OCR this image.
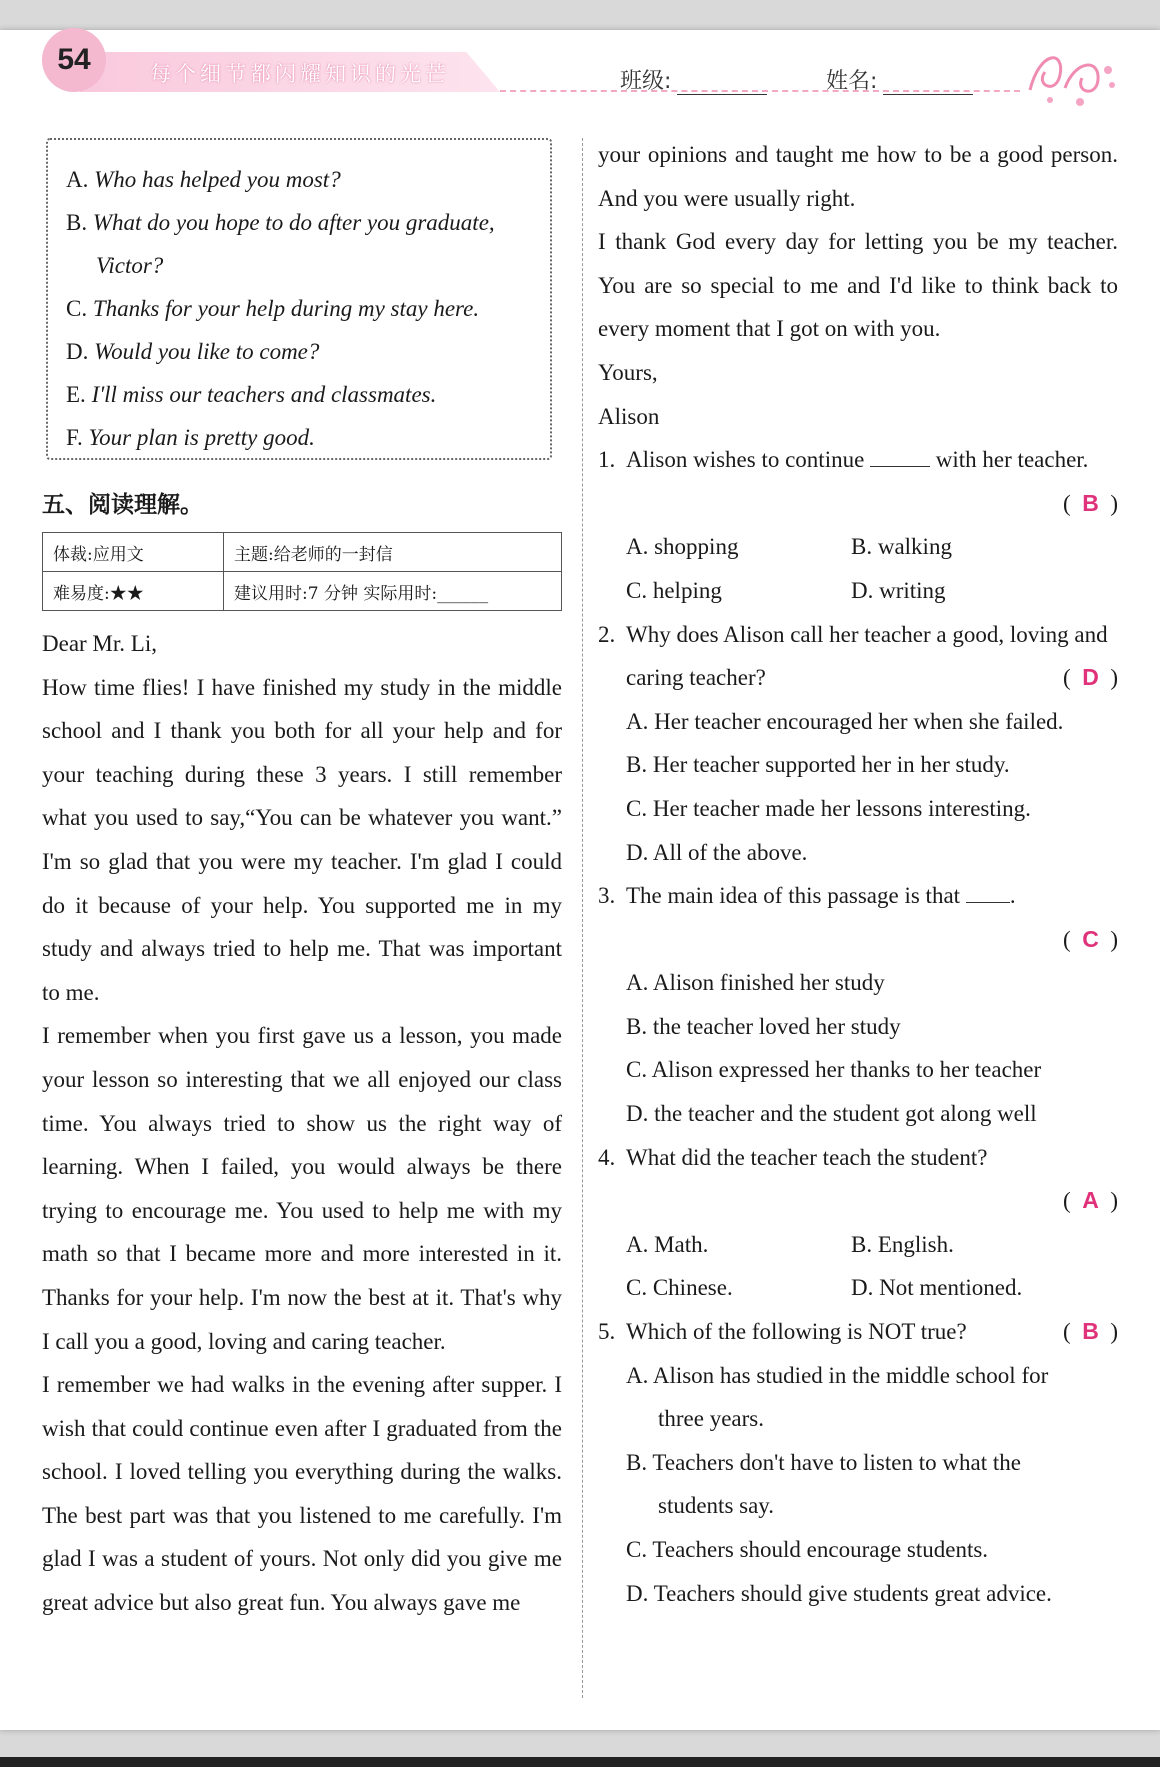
54	每个细节都闪耀知识的光芒	班级:	姓名:
A. Who has helped you most?
B. What do you hope to do after you graduate,
Victor?
C. Thanks for your help during my stay here.
D. Would you like to come?
E. I'll miss our teachers and classmates.
F. Your plan is pretty good.
五、阅读理解。
体裁:应用文	主题:给老师的一封信
难易度:★★	建议用时:7 分钟 实际用时:______

Dear Mr. Li,

How time flies! I have finished my study in the middle school and I thank you both for all your help and for your teaching during these 3 years. I still remember what you used to say,“You can be whatever you want.” I'm so glad that you were my teacher. I'm glad I could do it because of your help. You supported me in my study and always tried to help me. That was important to me.

I remember when you first gave us a lesson, you made your lesson so interesting that we all enjoyed our class time. You always tried to show us the right way of learning. When I failed, you would always be there trying to encourage me. You used to help me with my math so that I became more and more interested in it. Thanks for your help. I'm now the best at it. That's why I call you a good, loving and caring teacher.

I remember we had walks in the evening after supper. I wish that could continue even after I graduated from the school. I loved telling you everything during the walks. The best part was that you listened to me carefully. I'm glad I was a student of yours. Not only did you give me great advice but also great fun. You always gave me

your opinions and taught me how to be a good person. And you were usually right.

I thank God every day for letting you be my teacher. You are so special to me and I'd like to think back to every moment that I got on with you.

Yours,

Alison

1. Alison wishes to continue	with her teacher.
(  B  )
A. shopping	B. walking
C. helping	D. writing
2. Why does Alison call her teacher a good, loving and caring teacher?	(  D  )
A. Her teacher encouraged her when she failed.
B. Her teacher supported her in her study.
C. Her teacher made her lessons interesting.
D. All of the above.
3. The main idea of this passage is that .
(  C  )
A. Alison finished her study
B. the teacher loved her study
C. Alison expressed her thanks to her teacher
D. the teacher and the student got along well
4. What did the teacher teach the student?
(  A  )
A. Math.	B. English.
C. Chinese.	D. Not mentioned.
5. Which of the following is NOT true?	(  B  )
A. Alison has studied in the middle school for
three years.
B. Teachers don't have to listen to what the
students say.
C. Teachers should encourage students.
D. Teachers should give students great advice.
